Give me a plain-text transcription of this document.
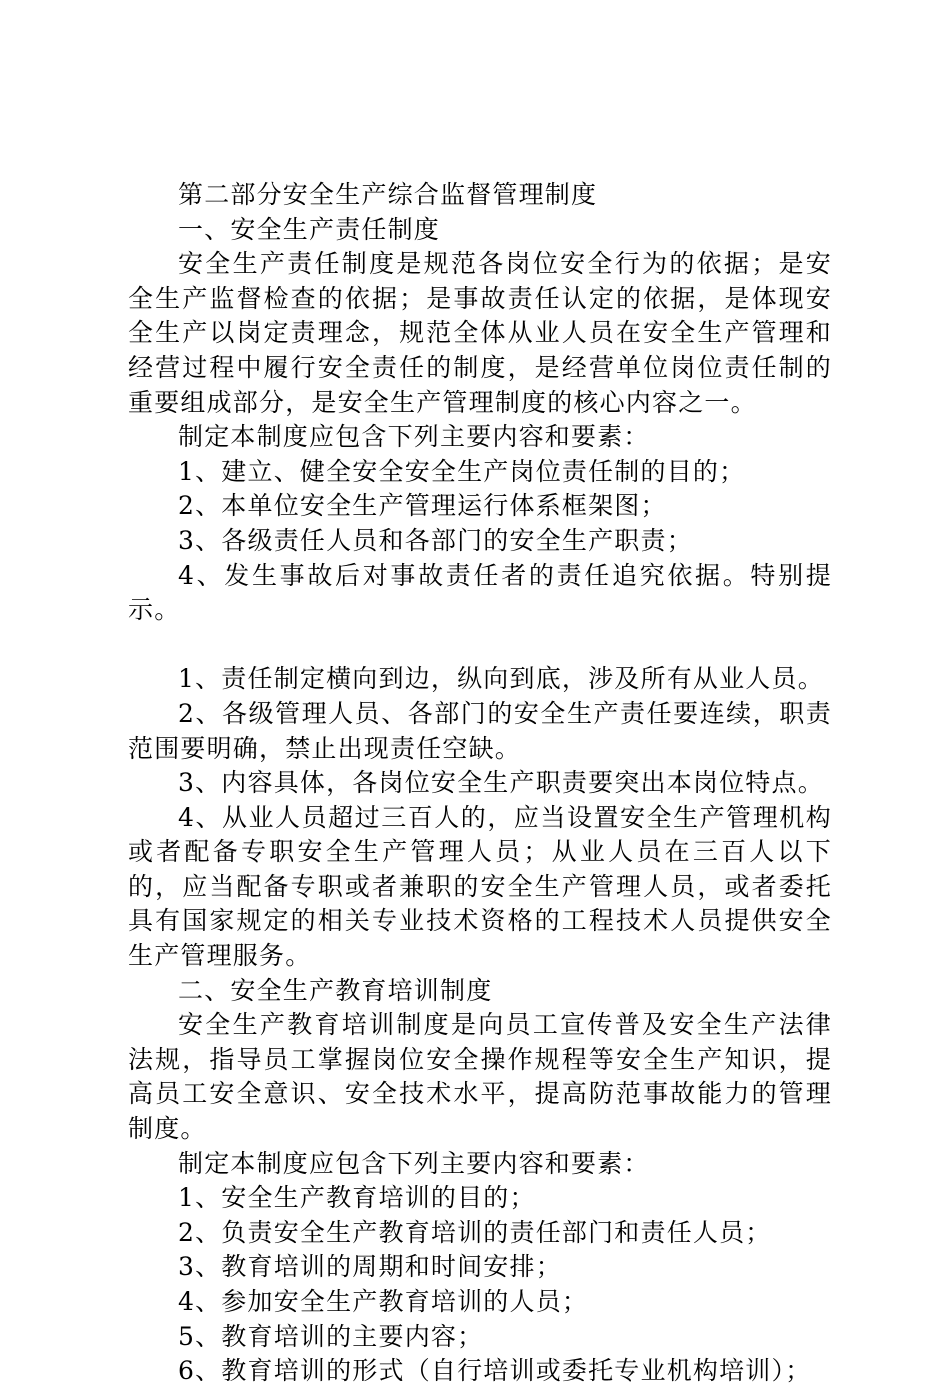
第二部分安全生产综合监督管理制度

一、安全生产责任制度

安全生产责任制度是规范各岗位安全行为的依据；是安全生产监督检查的依据；是事故责任认定的依据，是体现安全生产以岗定责理念，规范全体从业人员在安全生产管理和经营过程中履行安全责任的制度，是经营单位岗位责任制的重要组成部分，是安全生产管理制度的核心内容之一。

制定本制度应包含下列主要内容和要素：

1、建立、健全安全安全生产岗位责任制的目的；

2、本单位安全生产管理运行体系框架图；

3、各级责任人员和各部门的安全生产职责；

4、发生事故后对事故责任者的责任追究依据。特别提示。

1、责任制定横向到边，纵向到底，涉及所有从业人员。

2、各级管理人员、各部门的安全生产责任要连续，职责范围要明确，禁止出现责任空缺。

3、内容具体，各岗位安全生产职责要突出本岗位特点。

4、从业人员超过三百人的，应当设置安全生产管理机构或者配备专职安全生产管理人员；从业人员在三百人以下的，应当配备专职或者兼职的安全生产管理人员，或者委托具有国家规定的相关专业技术资格的工程技术人员提供安全生产管理服务。

二、安全生产教育培训制度

安全生产教育培训制度是向员工宣传普及安全生产法律法规，指导员工掌握岗位安全操作规程等安全生产知识，提高员工安全意识、安全技术水平，提高防范事故能力的管理制度。

制定本制度应包含下列主要内容和要素：

1、安全生产教育培训的目的；

2、负责安全生产教育培训的责任部门和责任人员；

3、教育培训的周期和时间安排；

4、参加安全生产教育培训的人员；

5、教育培训的主要内容；

6、教育培训的形式（自行培训或委托专业机构培训）；
